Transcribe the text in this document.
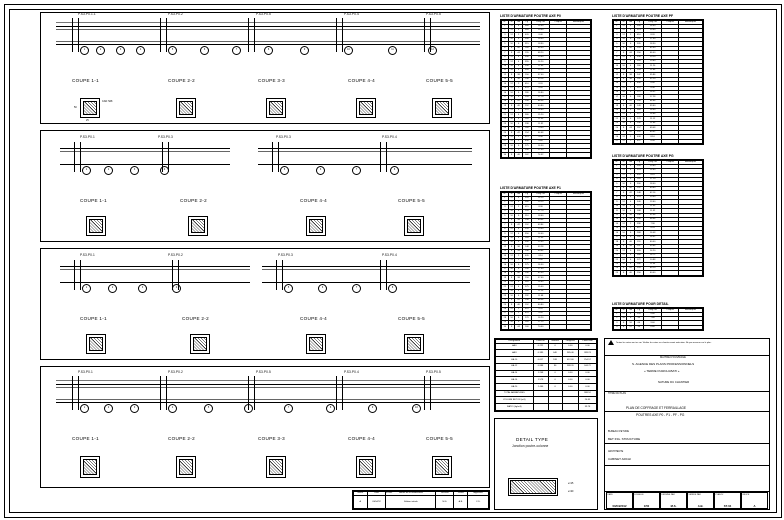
P.S3.P0.1.1	P.S3.P0.2	P.S3.P0.5	P.S3.P0.4	P.S3.P0.5
1	2	3	4	5	6	7	8	9	10	11	12
COUPE 1-1	COUPE 2-2	COUPE 3-3	COUPE 4-4	COUPE 5-5
50
25
CAD HA8
P.S3.P0.1	P.S3.P0.3	P.S3.P0.3	P.S3.P0.4
1	2	3	4	5	6	7	8
COUPE 1-1	COUPE 2-2	COUPE 4-4	COUPE 5-5
P.S3.P0.1	P.S3.P0.2	P.S3.P0.3	P.S3.P0.4
1	2	3	4	5	6	7	8
COUPE 1-1	COUPE 2-2	COUPE 4-4	COUPE 5-5
P.S3.P0.1	P.S3.P0.2	P.S3.P0.5	P.S3.P0.4	P.S3.P0.5
1	2	3	4	5	6	7	8	9	10
COUPE 1-1	COUPE 2-2	COUPE 3-3	COUPE 4-4	COUPE 5-5	DETAIL TYPE
Jonction poutre-colonne
e=15
e=20
LISTE D'ARMATURE POUTRE AXE P0
N°	Ø	Nb	Lg	Long. tot	Croquis	Remarques
1	12	4	360	14.40		
2	12	4	385	15.40		
3	12	2	420	8.40		
4	10	6	300	18.00		
5	10	6	315	18.90		
6	8	40	160	64.00		
7	8	44	155	68.20		
8	12	4	340	13.60		
9	12	4	355	14.20		
10	10	4	290	11.60		
11	10	4	305	12.20		
12	8	38	150	57.00		
13	8	36	148	53.28		
14	12	2	410	8.20		
15	12	2	425	8.50		
16	10	6	280	16.80		
17	10	6	295	17.70		
18	8	42	158	66.36		
19	8	40	152	60.80		
20	12	4	370	14.80		
21	12	4	380	15.20		
22	10	4	285	11.40		
23	10	4	298	11.92		
24	8	44	160	70.40		
25	8	42	154	64.68		
26	12	2	415	8.30		
27	12	2	430	8.60		
28	10	6	275	16.50		
29	10	6	290	17.40		
30	8	46	162	74.52		
LISTE D'ARMATURE POUTRE AXE P1
N°	Ø	Nb	Lg	Long. tot	Croquis	Remarques
1	12	4	355	14.20		
2	12	4	380	15.20		
3	12	2	415	8.30		
4	10	6	295	17.70		
5	10	6	310	18.60		
6	8	38	158	60.04		
7	8	42	152	63.84		
8	12	4	335	13.40		
9	12	4	350	14.00		
10	10	4	285	11.40		
11	10	4	300	12.00		
12	8	36	148	53.28		
13	8	34	146	49.64		
14	12	2	405	8.10		
15	12	2	420	8.40		
16	10	6	275	16.50		
17	10	6	290	17.40		
18	8	40	156	62.40		
19	8	38	150	57.00		
20	12	4	365	14.60		
21	12	4	375	15.00		
22	10	4	280	11.20		
23	10	4	292	11.68		
24	8	42	158	66.36		
25	8	40	152	60.80		
26	12	2	410	8.20		
27	12	2	425	8.50		
28	10	6	270	16.20		
29	10	6	285	17.10		
30	8	44	160	70.40		
LISTE D'ARMATURE POUTRE AXE PF
N°	Ø	Nb	Lg	Long. tot	Croquis	Remarques
1	12	4	350	14.00		
2	12	4	375	15.00		
3	12	2	410	8.20		
4	10	6	290	17.40		
5	10	6	305	18.30		
6	8	40	155	62.00		
7	8	44	150	66.00		
8	12	4	330	13.20		
9	12	4	345	13.80		
10	10	4	280	11.20		
11	10	4	295	11.80		
12	8	38	147	55.86		
13	8	36	145	52.20		
14	12	2	400	8.00		
15	12	2	418	8.36		
16	10	6	272	16.32		
17	10	6	288	17.28		
18	8	42	154	64.68		
19	8	40	149	59.60		
20	12	4	360	14.40		
21	12	4	372	14.88		
22	10	4	278	11.12		
23	10	4	290	11.60		
24	8	44	157	69.08		
25	8	42	151	63.42		
26	12	2	408	8.16		
27	12	2	422	8.44		
LISTE D'ARMATURE POUTRE AXE PG
N°	Ø	Nb	Lg	Long. tot	Croquis	Remarques
1	12	4	345	13.80		
2	12	4	370	14.80		
3	12	2	405	8.10		
4	10	6	285	17.10		
5	10	6	300	18.00		
6	8	40	152	60.80		
7	8	42	148	62.16		
8	12	4	325	13.00		
9	12	4	340	13.60		
10	10	4	275	11.00		
11	10	4	288	11.52		
12	8	36	146	52.56		
13	8	34	144	48.96		
14	12	2	398	7.96		
15	12	2	412	8.24		
16	10	6	268	16.08		
17	10	6	282	16.92		
18	8	40	151	60.40		
19	8	38	147	55.86		
20	12	4	355	14.20		
21	12	4	368	14.72		
22	10	4	272	10.88		
23	10	4	286	11.44		
24	8	42	155	65.10		
25	8	40	150	60.00		
LISTE D'ARMATURE POUR DETAIL
N°	Ø	Nb	Lg	Long. tot	Croquis	Remarques
1	12	4	120	4.80		
2	10	8	95	7.60		
3	8	16	60	9.60		
4	8	12	55	6.60		
Désignation	Poids ml	Nombre	Longueur	Poids total
HA 6	0.222	0	0.00	0.00
HA 8	0.395	640	985.40	389.23
HA 10	0.617	188	412.60	254.57
HA 12	0.888	96	388.20	344.72
HA 14	1.208	0	0.00	0.00
HA 16	1.578	0	0.00	0.00
HA 20	2.466	0	0.00	0.00
TOTAL ARMATURES				988.52
VOLUME BETON (m3)				24.85
RATIO (kg/m3)				39.78
Toutes les cotes sont en cm. Vérifier les cotes sur chantier avant exécution. Ne pas mesurer sur le plan.
MAITRE D'OUVRAGE
S. AGENCE DES PLANS PROFESSIONNELS
« TERRE D'ARCHI-BATI »
NATURE DU CHANTIER
TITRE DU PLAN
PLAN DE COFFRAGE ET FERRAILLAGE
POUTRES AXE P0 - P1 - PF - PG
BUREAU D'ETUDE
BET ING. STRUCTURE
ARCHITECTE
CABINET ARCHI
DATE
03/04/2012
ECHELLE
1/50
DESSINE PAR
M.S.
VERIFIE PAR
A.B.
PLAN N°
ST-04
INDICE
A
Indice	Date	Nature de la modification	Dessiné	Vérifié	Approuvé
A	03/04/12	Edition initiale	M.S.	A.B.	C.D.
PLAN
